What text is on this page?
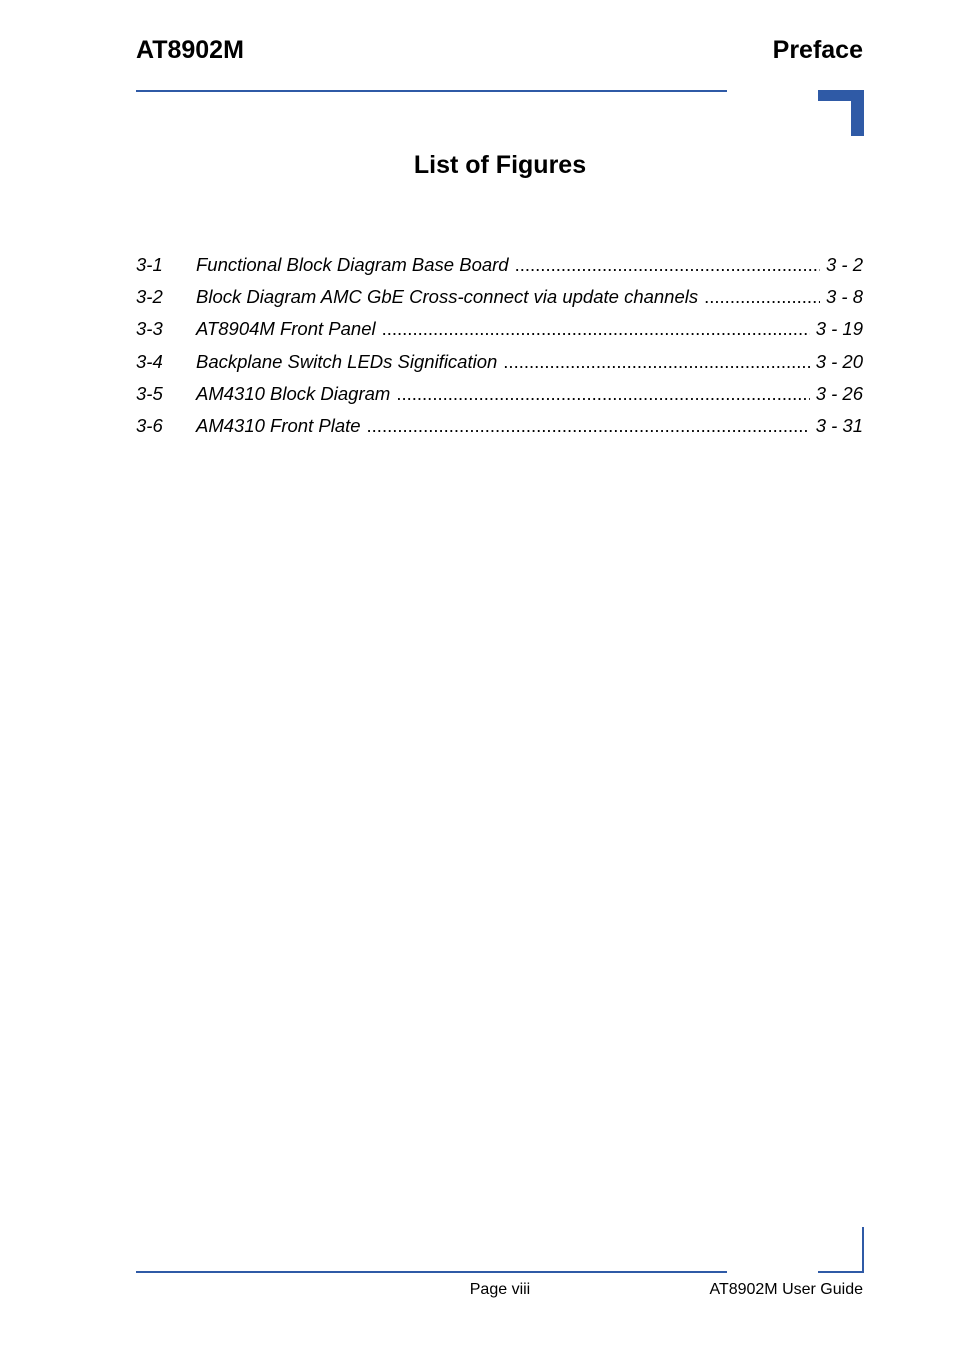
AT8902M	Preface
List of Figures
3-1	Functional Block Diagram Base Board .....	3 - 2
3-2	Block Diagram AMC GbE Cross-connect via update channels .....	3 - 8
3-3	AT8904M Front Panel .....	3 - 19
3-4	Backplane Switch LEDs Signification .....	3 - 20
3-5	AM4310 Block Diagram .....	3 - 26
3-6	AM4310 Front Plate .....	3 - 31
Page viii	AT8902M User Guide
